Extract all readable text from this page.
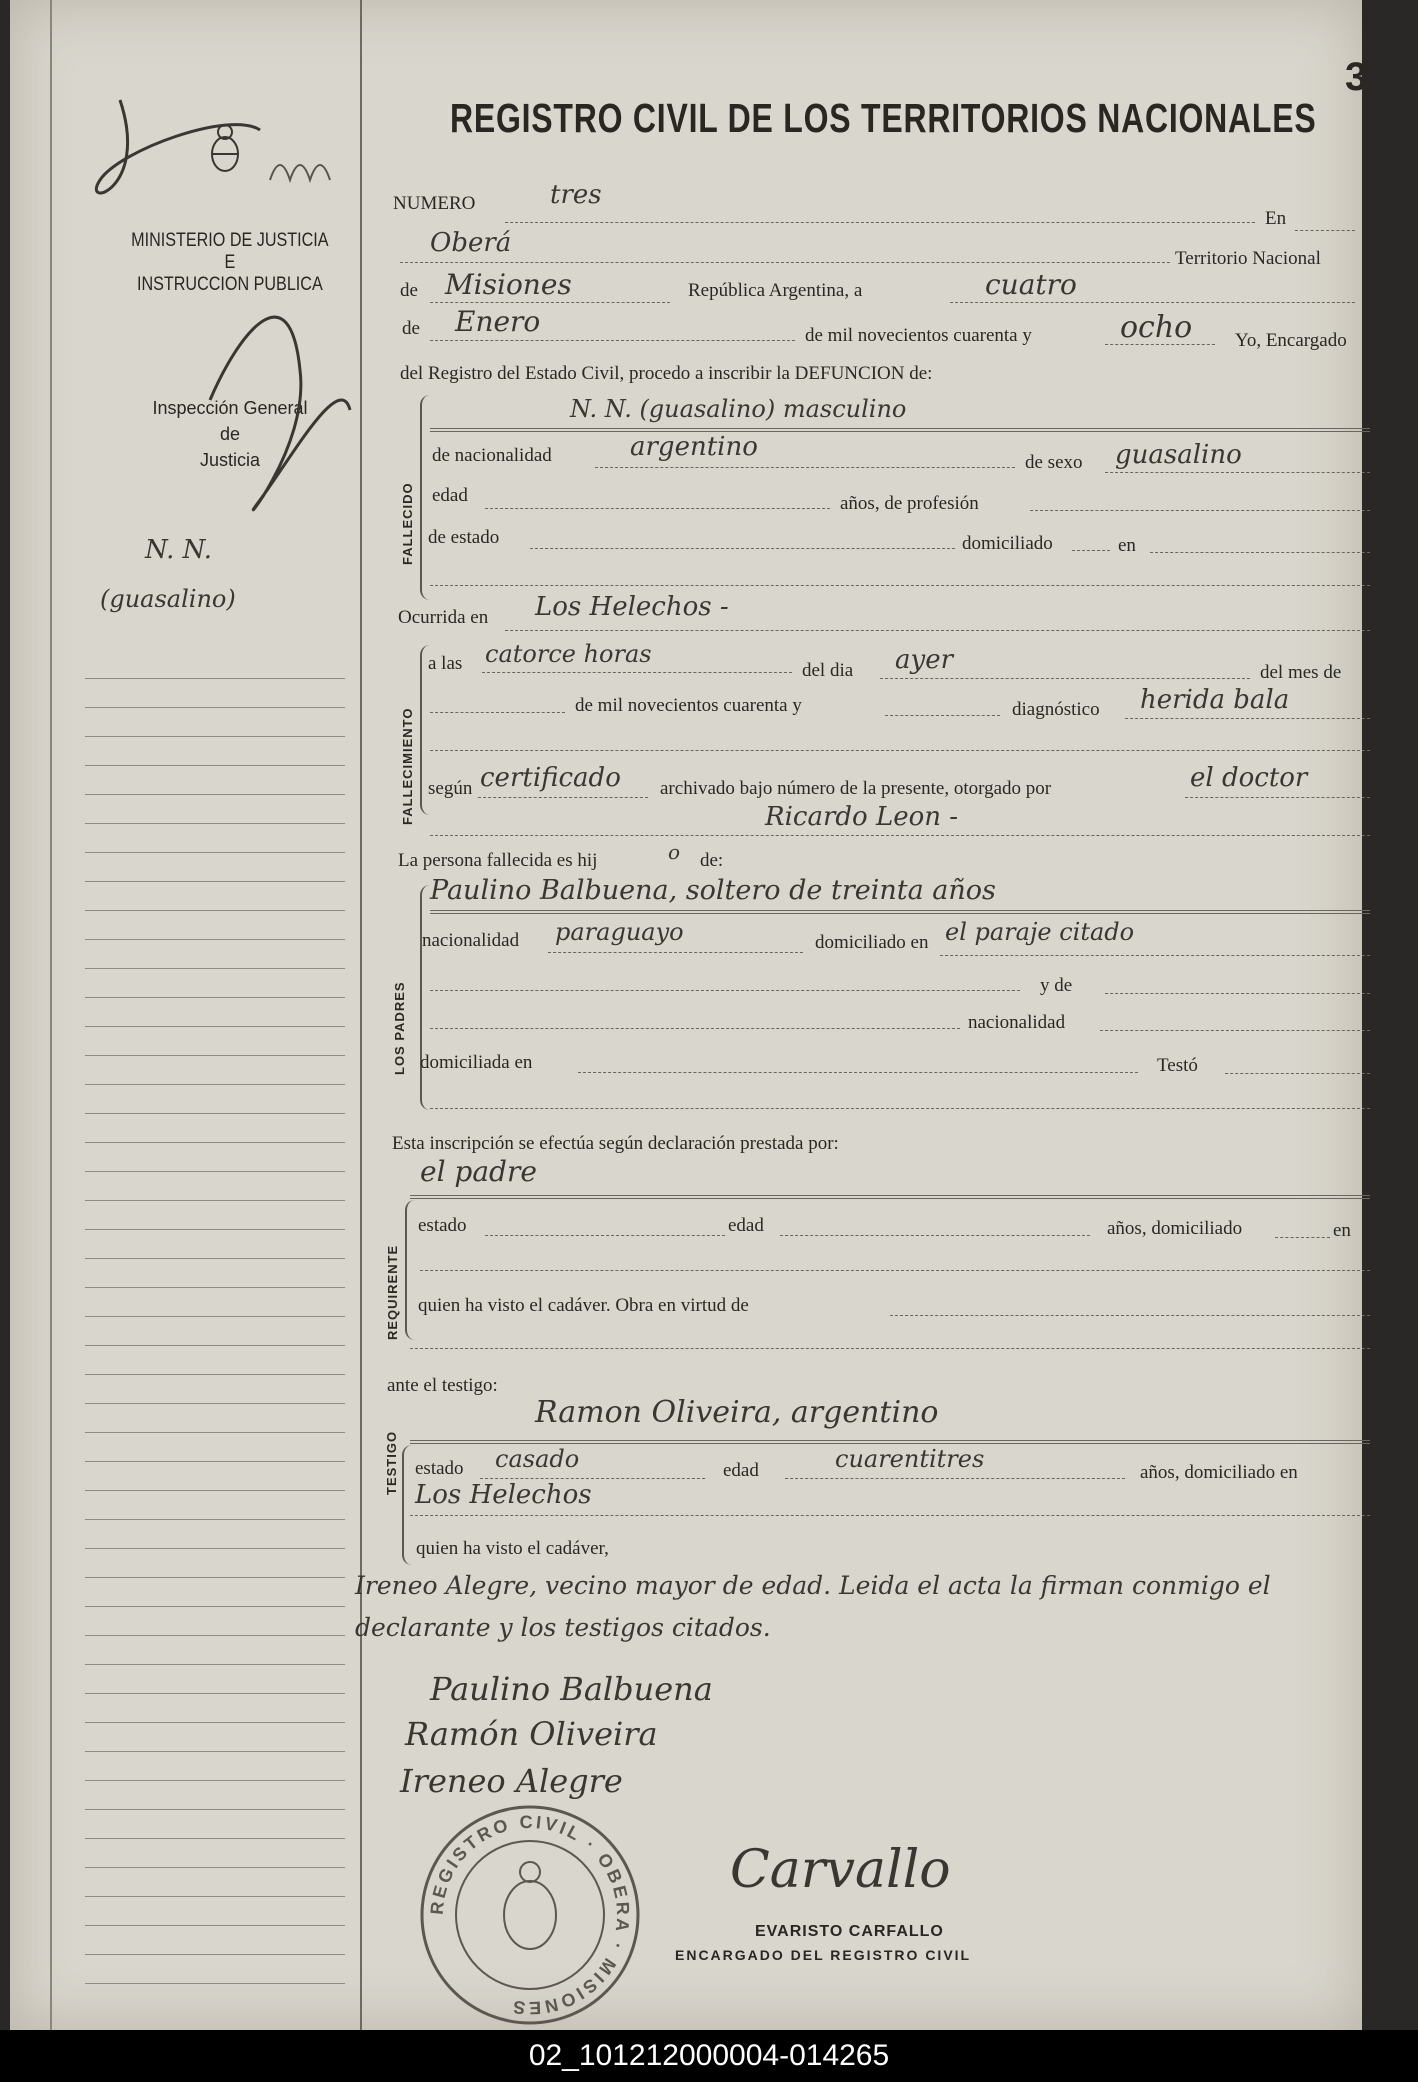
MINISTERIO DE JUSTICIA
E
INSTRUCCION PUBLICA
Inspección General
de
Justicia
N. N.
(guasalino)
REGISTRO CIVIL DE LOS TERRITORIOS NACIONALES
3
NUMERO	tres
En
Oberá
Territorio Nacional
de Misiones	República Argentina, a	cuatro
de Enero	de mil novecientos cuarenta y	ocho Yo, Encargado
del Registro del Estado Civil, procedo a inscribir la DEFUNCION de:
FALLECIDO
N. N. (guasalino) masculino
de nacionalidad	argentino
de sexo guasalino
edad	años, de profesión
de estado	domiciliado	en
Ocurrida en Los Helechos -
FALLECIMIENTO
a las catorce horas
del dia ayer	del mes de
de mil novecientos cuarenta y	diagnóstico herida bala
según certificado archivado bajo número de la presente, otorgado por	el doctor
Ricardo Leon -
La persona fallecida es hij	o de:
LOS PADRES
Paulino Balbuena, soltero de treinta años
nacionalidad paraguayo	domiciliado en el paraje citado
y de
nacionalidad
domiciliada en	Testó
Esta inscripción se efectúa según declaración prestada por:
el padre
REQUIRENTE
estado	edad	años, domiciliado	en
quien ha visto el cadáver. Obra en virtud de
ante el testigo:
Ramon Oliveira, argentino
TESTIGO estado casado	edad	cuarentitres	años, domiciliado en
Los Helechos
quien ha visto el cadáver,
Ireneo Alegre, vecino mayor de edad. Leida el acta la firman conmigo el declarante y los testigos citados.
Paulino Balbuena
Ramón Oliveira
Ireneo Alegre
Carvallo
REGISTRO CIVIL · OBERA · MISIONES
EVARISTO CARFALLO
ENCARGADO DEL REGISTRO CIVIL
02_101212000004-014265
